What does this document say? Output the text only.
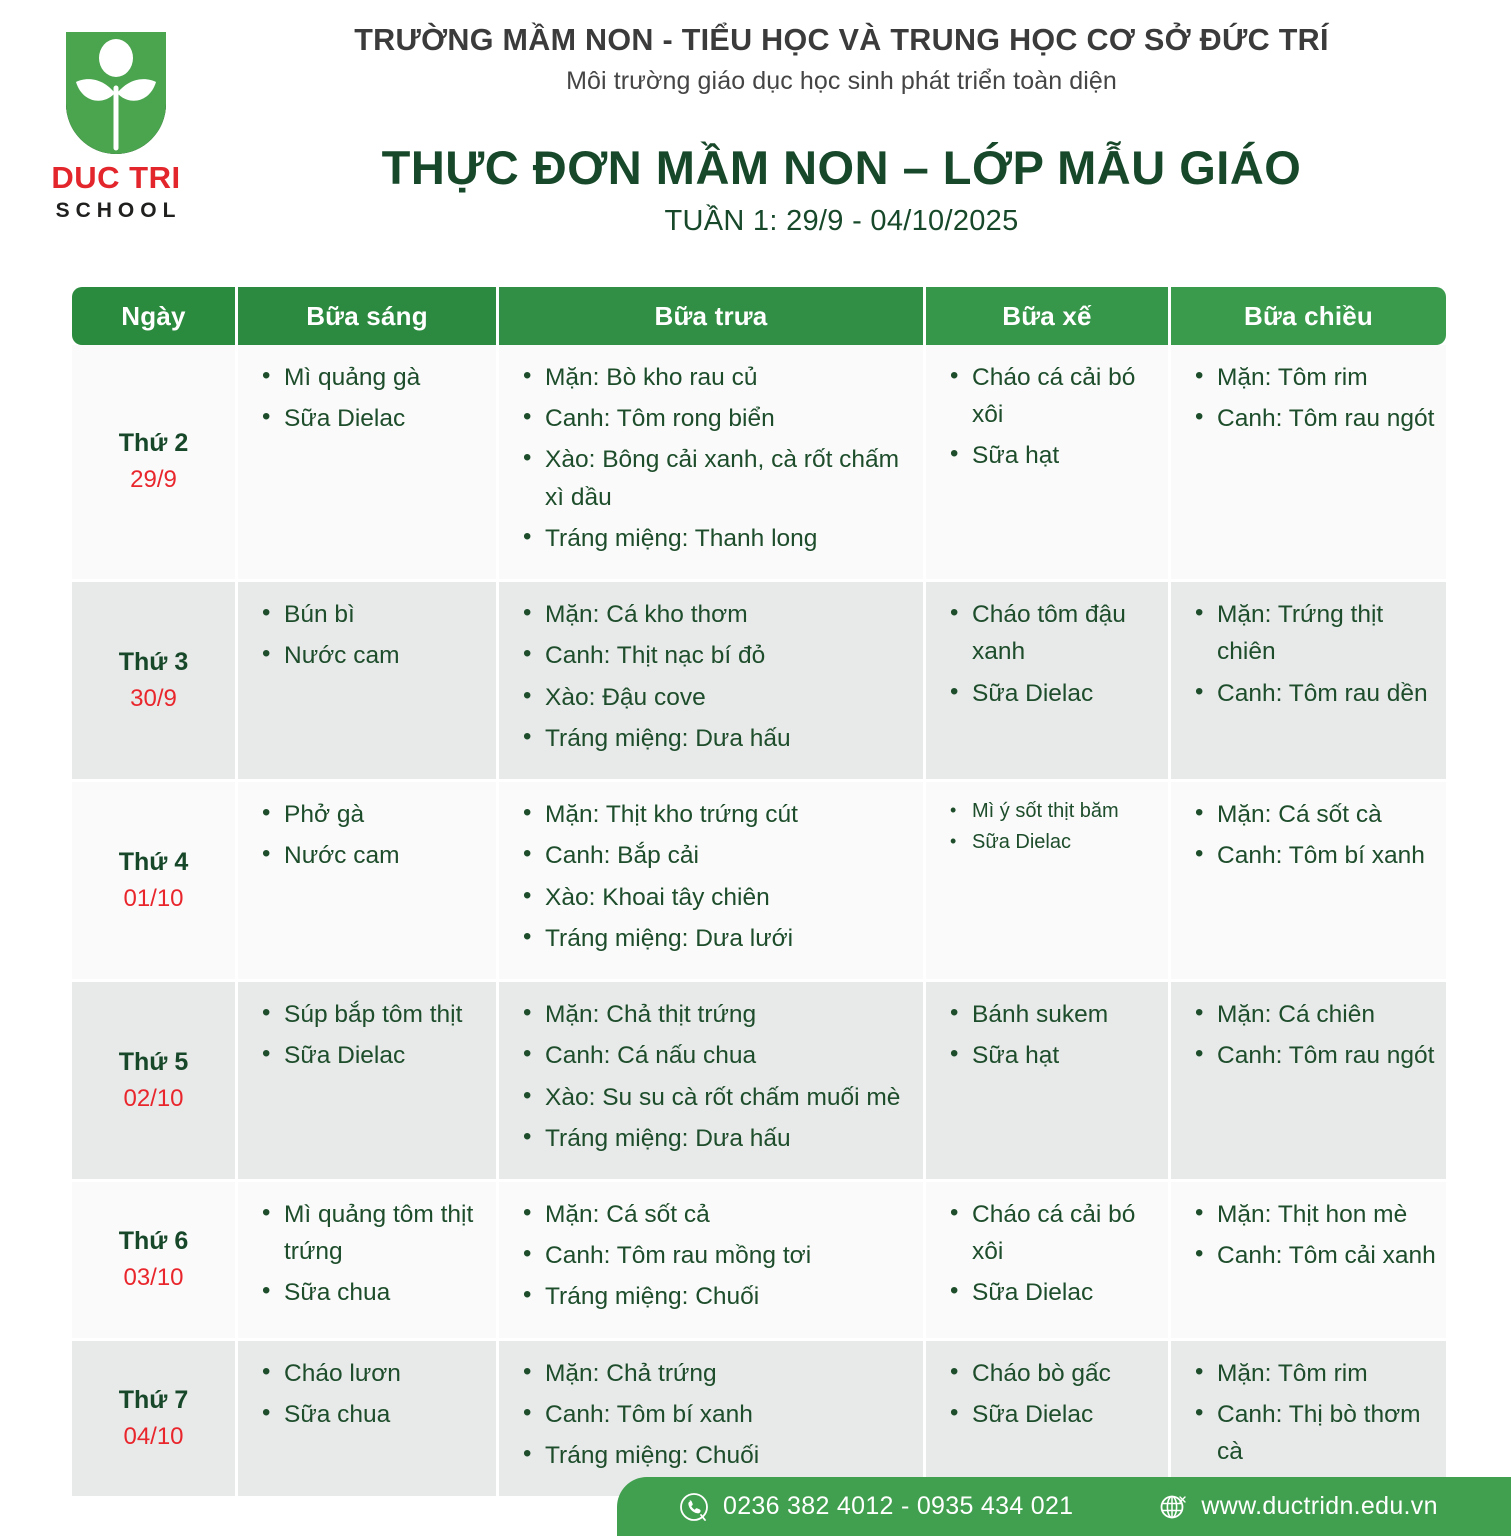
DUC TRI
SCHOOL
TRƯỜNG MẦM NON - TIỂU HỌC VÀ TRUNG HỌC CƠ SỞ ĐỨC TRÍ
Môi trường giáo dục học sinh phát triển toàn diện
THỰC ĐƠN MẦM NON – LỚP MẪU GIÁO
TUẦN 1: 29/9 - 04/10/2025
Ngày	Bữa sáng	Bữa trưa	Bữa xế	Bữa chiều

Thứ 2
29/9

• Mì quảng gà
• Sữa Dielac

• Mặn: Bò kho rau củ
• Canh: Tôm rong biển
• Xào: Bông cải xanh, cà rốt chấm xì dầu
• Tráng miệng: Thanh long

• Cháo cá cải bó xôi
• Sữa hạt

• Mặn: Tôm rim
• Canh: Tôm rau ngót

Thứ 3
30/9

• Bún bì
• Nước cam

• Mặn: Cá kho thơm
• Canh: Thịt nạc bí đỏ
• Xào: Đậu cove
• Tráng miệng: Dưa hấu

• Cháo tôm đậu xanh
• Sữa Dielac

• Mặn: Trứng thịt chiên
• Canh: Tôm rau dền

Thứ 4
01/10

• Phở gà
• Nước cam

• Mặn: Thịt kho trứng cút
• Canh: Bắp cải
• Xào: Khoai tây chiên
• Tráng miệng: Dưa lưới

• Mì ý sốt thịt băm
• Sữa Dielac

• Mặn: Cá sốt cà
• Canh: Tôm bí xanh

Thứ 5
02/10

• Súp bắp tôm thịt
• Sữa Dielac

• Mặn: Chả thịt trứng
• Canh: Cá nấu chua
• Xào: Su su cà rốt chấm muối mè
• Tráng miệng: Dưa hấu

• Bánh sukem
• Sữa hạt

• Mặn: Cá chiên
• Canh: Tôm rau ngót

Thứ 6
03/10

• Mì quảng tôm thịt trứng
• Sữa chua

• Mặn: Cá sốt cả
• Canh: Tôm rau mồng tơi
• Tráng miệng: Chuối

• Cháo cá cải bó xôi
• Sữa Dielac

• Mặn: Thịt hon mè
• Canh: Tôm cải xanh

Thứ 7
04/10

• Cháo lươn
• Sữa chua

• Mặn: Chả trứng
• Canh: Tôm bí xanh
• Tráng miệng: Chuối

• Cháo bò gấc
• Sữa Dielac

• Mặn: Tôm rim
• Canh: Thị bò thơm cà
0236 382 4012 - 0935 434 021	www.ductridn.edu.vn
